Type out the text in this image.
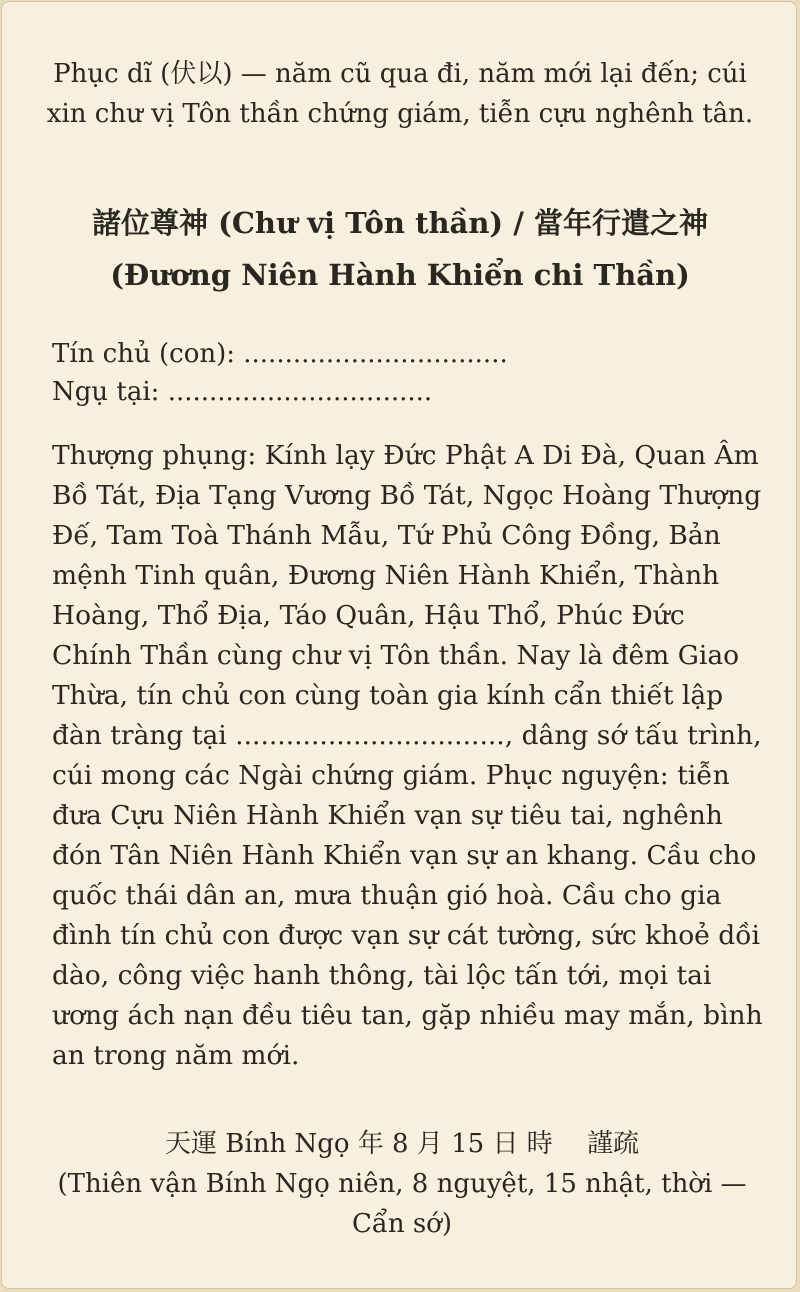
Phục dĩ (伏以) — năm cũ qua đi, năm mới lại đến; cúi xin chư vị Tôn thần chứng giám, tiễn cựu nghênh tân.

諸位尊神 (Chư vị Tôn thần) / 當年行遣之神
(Đương Niên Hành Khiển chi Thần)
Tín chủ (con): ................................
Ngụ tại: ................................

Thượng phụng: Kính lạy Đức Phật A Di Đà, Quan Âm Bồ Tát, Địa Tạng Vương Bồ Tát, Ngọc Hoàng Thượng Đế, Tam Toà Thánh Mẫu, Tứ Phủ Công Đồng, Bản mệnh Tinh quân, Đương Niên Hành Khiển, Thành Hoàng, Thổ Địa, Táo Quân, Hậu Thổ, Phúc Đức Chính Thần cùng chư vị Tôn thần. Nay là đêm Giao Thừa, tín chủ con cùng toàn gia kính cẩn thiết lập đàn tràng tại ................................, dâng sớ tấu trình, cúi mong các Ngài chứng giám. Phục nguyện: tiễn đưa Cựu Niên Hành Khiển vạn sự tiêu tai, nghênh đón Tân Niên Hành Khiển vạn sự an khang. Cầu cho quốc thái dân an, mưa thuận gió hoà. Cầu cho gia đình tín chủ con được vạn sự cát tường, sức khoẻ dồi dào, công việc hanh thông, tài lộc tấn tới, mọi tai ương ách nạn đều tiêu tan, gặp nhiều may mắn, bình an trong năm mới.

天運 Bính Ngọ 年 8 月 15 日 時 　謹疏
(Thiên vận Bính Ngọ niên, 8 nguyệt, 15 nhật, thời — Cẩn sớ)
